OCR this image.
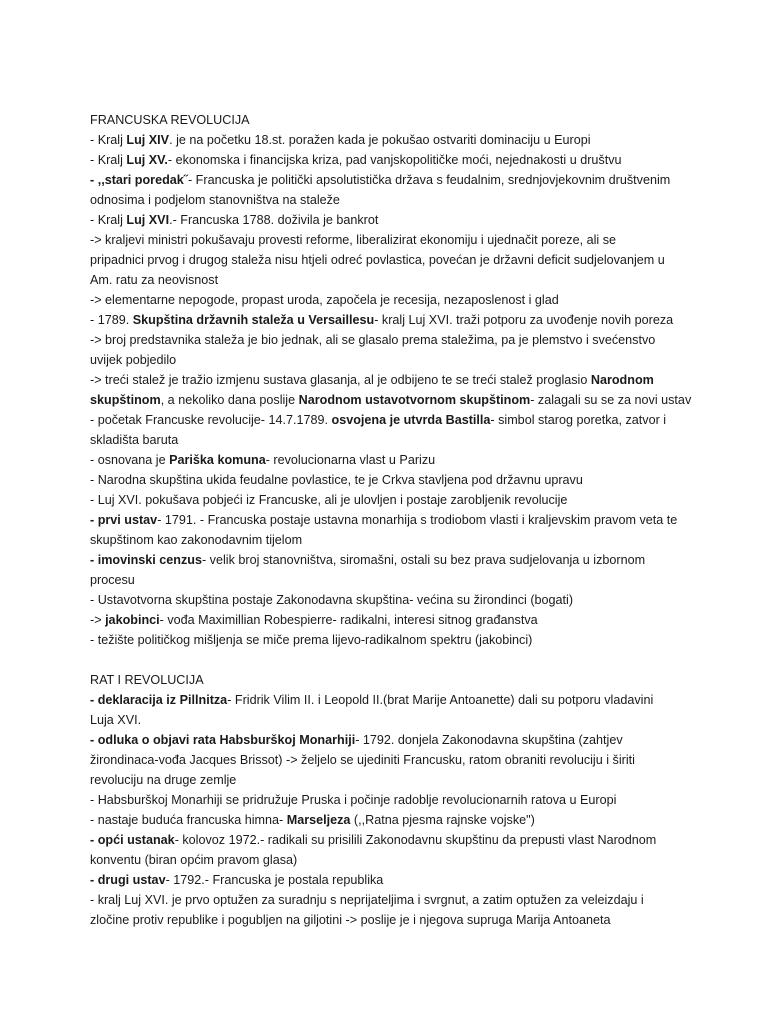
FRANCUSKA REVOLUCIJA
- Kralj Luj XIV. je na početku 18.st. poražen kada je pokušao ostvariti dominaciju u Europi
- Kralj Luj XV.- ekonomska i financijska kriza, pad vanjskopolitičke moći, nejednakosti u društvu
- ,,stari poredak˝- Francuska je politički apsolutistička država s feudalnim, srednjovjekovnim društvenim
odnosima i podjelom stanovništva na staleže
- Kralj Luj XVI.- Francuska 1788. doživila je bankrot
-> kraljevi ministri pokušavaju provesti reforme, liberalizirat ekonomiju i ujednačit poreze, ali se
pripadnici prvog i drugog staleža nisu htjeli odreć povlastica, povećan je državni deficit sudjelovanjem u
Am. ratu za neovisnost
-> elementarne nepogode, propast uroda, započela je recesija, nezaposlenost i glad
- 1789. Skupština državnih staleža u Versaillesu- kralj Luj XVI. traži potporu za uvođenje novih poreza
-> broj predstavnika staleža je bio jednak, ali se glasalo prema staležima, pa je plemstvo i svećenstvo
uvijek pobjedilo
-> treći stalež je tražio izmjenu sustava glasanja, al je odbijeno te se treći stalež proglasio Narodnom
skupštinom, a nekoliko dana poslije Narodnom ustavotvornom skupštinom- zalagali su se za novi ustav
- početak Francuske revolucije- 14.7.1789. osvojena je utvrda Bastilla- simbol starog poretka, zatvor i
skladišta baruta
- osnovana je Pariška komuna- revolucionarna vlast u Parizu
- Narodna skupština ukida feudalne povlastice, te je Crkva stavljena pod državnu upravu
- Luj XVI. pokušava pobjeći iz Francuske, ali je ulovljen i postaje zarobljenik revolucije
- prvi ustav- 1791. - Francuska postaje ustavna monarhija s trodiobom vlasti i kraljevskim pravom veta te
skupštinom kao zakonodavnim tijelom
- imovinski cenzus- velik broj stanovništva, siromašni, ostali su bez prava sudjelovanja u izbornom
procesu
- Ustavotvorna skupština postaje Zakonodavna skupština- većina su žirondinci (bogati)
-> jakobinci- vođa Maximillian Robespierre- radikalni, interesi sitnog građanstva
- težište političkog mišljenja se miče prema lijevo-radikalnom spektru (jakobinci)
RAT I REVOLUCIJA
- deklaracija iz Pillnitza- Fridrik Vilim II. i Leopold II.(brat Marije Antoanette) dali su potporu vladavini
Luja XVI.
- odluka o objavi rata Habsburškoj Monarhiji- 1792. donjela Zakonodavna skupština (zahtjev
žirondinaca-vođa Jacques Brissot) -> željelo se ujediniti Francusku, ratom obraniti revoluciju i širiti
revoluciju na druge zemlje
- Habsburškoj Monarhiji se pridružuje Pruska i počinje radoblje revolucionarnih ratova u Europi
- nastaje buduća francuska himna- Marseljeza (,,Ratna pjesma rajnske vojske")
- opći ustanak- kolovoz 1972.- radikali su prisilili Zakonodavnu skupštinu da prepusti vlast Narodnom
konventu (biran općim pravom glasa)
- drugi ustav- 1792.- Francuska je postala republika
- kralj Luj XVI. je prvo optužen za suradnju s neprijateljima i svrgnut, a zatim optužen za veleizdaju i
zločine protiv republike i pogubljen na giljotini -> poslije je i njegova supruga Marija Antoaneta
